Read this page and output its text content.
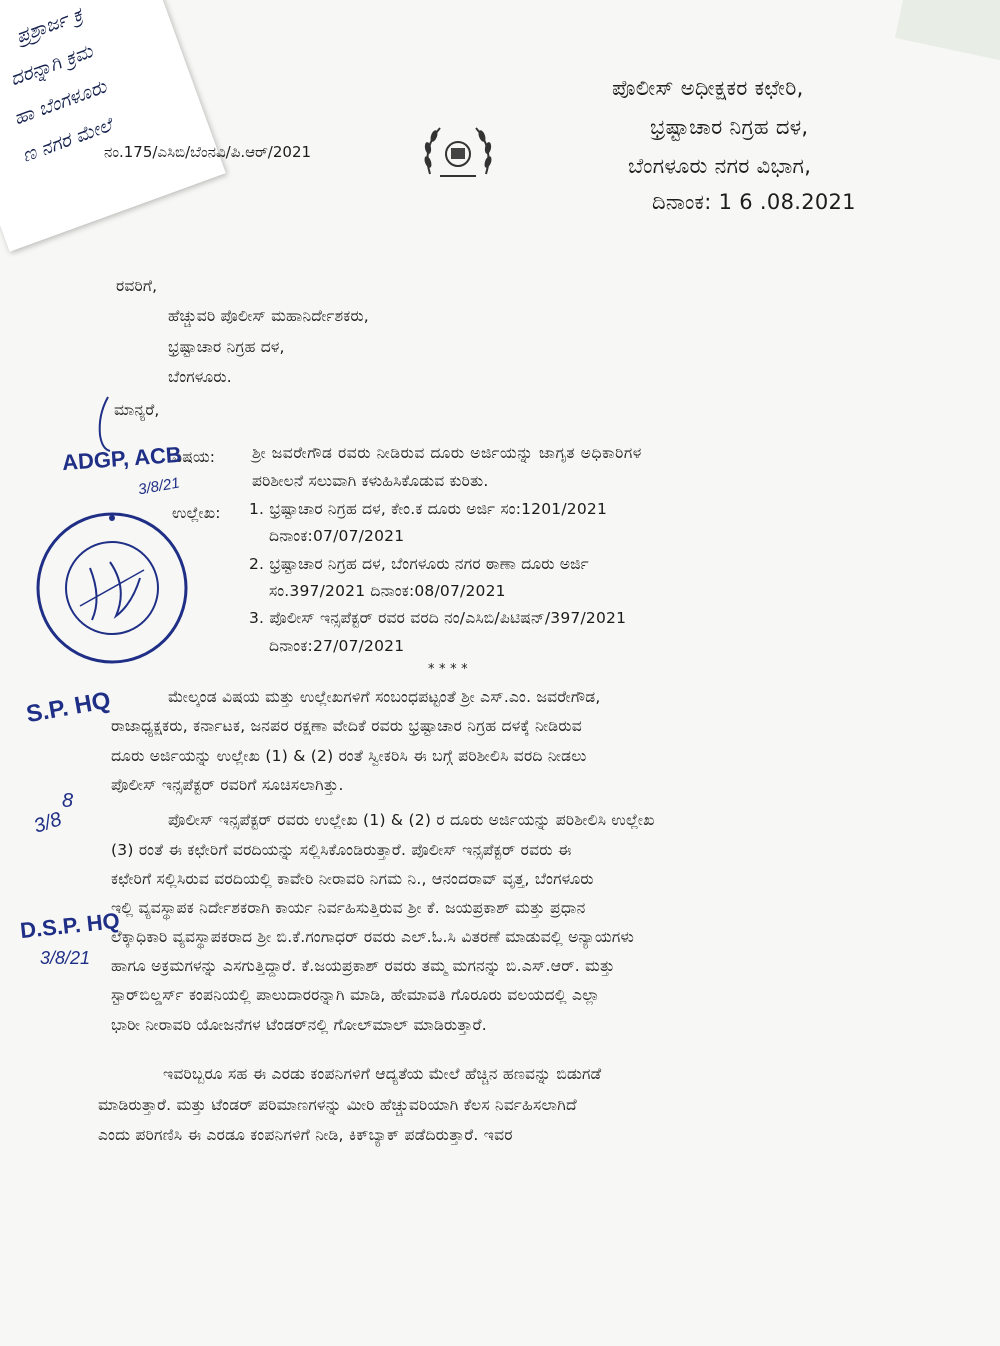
ಪ್ರಶ್ರಾರ್ಜ ಕ್ರ
ದರನ್ನಾಗಿ ಕ್ರಮ
ಹಾ ಬೆಂಗಳೂರು
ಣ ನಗರ ಮೇಲೆ
ಪೊಲೀಸ್ ಅಧೀಕ್ಷಕರ ಕಛೇರಿ,
ಭ್ರಷ್ಟಾಚಾರ ನಿಗ್ರಹ ದಳ,
ಬೆಂಗಳೂರು ನಗರ ವಿಭಾಗ,
ದಿನಾಂಕ: 1 6 .08.2021
ನಂ.175/ಎಸಿಬಿ/ಬೆಂನವಿ/ಪಿ.ಆರ್/2021
ರವರಿಗೆ,
ಹೆಚ್ಚುವರಿ ಪೊಲೀಸ್ ಮಹಾನಿರ್ದೇಶಕರು,
ಭ್ರಷ್ಟಾಚಾರ ನಿಗ್ರಹ ದಳ,
ಬೆಂಗಳೂರು.
ಮಾನ್ಯರೆ,
ವಿಷಯ: ಶ್ರೀ ಜವರೇಗೌಡ ರವರು ನೀಡಿರುವ ದೂರು ಅರ್ಜಿಯನ್ನು ಜಾಗೃತ ಅಧಿಕಾರಿಗಳ
ಪರಿಶೀಲನೆ ಸಲುವಾಗಿ ಕಳುಹಿಸಿಕೊಡುವ ಕುರಿತು.
ಉಲ್ಲೇಖ: 1. ಭ್ರಷ್ಟಾಚಾರ ನಿಗ್ರಹ ದಳ, ಕೇಂ.ಕ ದೂರು ಅರ್ಜಿ ಸಂ:1201/2021
ದಿನಾಂಕ:07/07/2021
2. ಭ್ರಷ್ಟಾಚಾರ ನಿಗ್ರಹ ದಳ, ಬೆಂಗಳೂರು ನಗರ ಠಾಣಾ ದೂರು ಅರ್ಜಿ
ಸಂ.397/2021 ದಿನಾಂಕ:08/07/2021
3. ಪೊಲೀಸ್ ಇನ್ಸಪೆಕ್ಟರ್ ರವರ ವರದಿ ನಂ/ಎಸಿಬಿ/ಪಿಟಿಷನ್/397/2021
ದಿನಾಂಕ:27/07/2021
* * * *
ಮೇಲ್ಕಂಡ ವಿಷಯ ಮತ್ತು ಉಲ್ಲೇಖಗಳಿಗೆ ಸಂಬಂಧಪಟ್ಟಂತೆ ಶ್ರೀ ಎಸ್.ಎಂ. ಜವರೇಗೌಡ,
ರಾಜಾಧ್ಯಕ್ಷಕರು, ಕರ್ನಾಟಕ, ಜನಪರ ರಕ್ಷಣಾ ವೇದಿಕೆ ರವರು ಭ್ರಷ್ಟಾಚಾರ ನಿಗ್ರಹ ದಳಕ್ಕೆ ನೀಡಿರುವ
ದೂರು ಅರ್ಜಿಯನ್ನು ಉಲ್ಲೇಖ (1) & (2) ರಂತೆ ಸ್ವೀಕರಿಸಿ ಈ ಬಗ್ಗೆ ಪರಿಶೀಲಿಸಿ ವರದಿ ನೀಡಲು
ಪೊಲೀಸ್ ಇನ್ಸಪೆಕ್ಟರ್ ರವರಿಗೆ ಸೂಚಿಸಲಾಗಿತ್ತು.
ಪೊಲೀಸ್ ಇನ್ಸಪೆಕ್ಟರ್ ರವರು ಉಲ್ಲೇಖ (1) & (2) ರ ದೂರು ಅರ್ಜಿಯನ್ನು ಪರಿಶೀಲಿಸಿ ಉಲ್ಲೇಖ
(3) ರಂತೆ ಈ ಕಛೇರಿಗೆ ವರದಿಯನ್ನು ಸಲ್ಲಿಸಿಕೊಂಡಿರುತ್ತಾರೆ. ಪೊಲೀಸ್ ಇನ್ಸಪೆಕ್ಟರ್ ರವರು ಈ
ಕಛೇರಿಗೆ ಸಲ್ಲಿಸಿರುವ ವರದಿಯಲ್ಲಿ ಕಾವೇರಿ ನೀರಾವರಿ ನಿಗಮ ನಿ., ಆನಂದರಾವ್ ವೃತ್ತ, ಬೆಂಗಳೂರು
ಇಲ್ಲಿ ವ್ಯವಸ್ಥಾಪಕ ನಿರ್ದೇಶಕರಾಗಿ ಕಾರ್ಯ ನಿರ್ವಹಿಸುತ್ತಿರುವ ಶ್ರೀ ಕೆ. ಜಯಪ್ರಕಾಶ್ ಮತ್ತು ಪ್ರಧಾನ
ಲೆಕ್ಕಾಧಿಕಾರಿ ವ್ಯವಸ್ಥಾಪಕರಾದ ಶ್ರೀ ಬಿ.ಕೆ.ಗಂಗಾಧರ್ ರವರು ಎಲ್.ಓ.ಸಿ ವಿತರಣೆ ಮಾಡುವಲ್ಲಿ ಅನ್ಯಾಯಗಳು
ಹಾಗೂ ಅಕ್ರಮಗಳನ್ನು ಎಸಗುತ್ತಿದ್ದಾರೆ. ಕೆ.ಜಯಪ್ರಕಾಶ್ ರವರು ತಮ್ಮ ಮಗನನ್ನು ಬಿ.ಎಸ್.ಆರ್. ಮತ್ತು
ಸ್ಟಾರ್‌ಬಿಲ್ಡರ್ಸ್ ಕಂಪನಿಯಲ್ಲಿ ಪಾಲುದಾರರನ್ನಾಗಿ ಮಾಡಿ, ಹೇಮಾವತಿ ಗೊರೂರು ವಲಯದಲ್ಲಿ ಎಲ್ಲಾ
ಭಾರೀ ನೀರಾವರಿ ಯೋಜನೆಗಳ ಟೆಂಡರ್‌ನಲ್ಲಿ ಗೋಲ್‌ಮಾಲ್ ಮಾಡಿರುತ್ತಾರೆ.
ಇವರಿಬ್ಬರೂ ಸಹ ಈ ಎರಡು ಕಂಪನಿಗಳಿಗೆ ಆದ್ಯತೆಯ ಮೇಲೆ ಹೆಚ್ಚಿನ ಹಣವನ್ನು ಬಿಡುಗಡೆ
ಮಾಡಿರುತ್ತಾರೆ. ಮತ್ತು ಟೆಂಡರ್ ಪರಿಮಾಣಗಳನ್ನು ಮೀರಿ ಹೆಚ್ಚುವರಿಯಾಗಿ ಕೆಲಸ ನಿರ್ವಹಿಸಲಾಗಿದೆ
ಎಂದು ಪರಿಗಣಿಸಿ ಈ ಎರಡೂ ಕಂಪನಿಗಳಿಗೆ ನೀಡಿ, ಕಿಕ್‌ಬ್ಯಾಕ್ ಪಡೆದಿರುತ್ತಾರೆ. ಇವರ
ADGP, ACB
3/8/21
S.P. HQ
8
3/8
D.S.P. HQ
3/8/21
